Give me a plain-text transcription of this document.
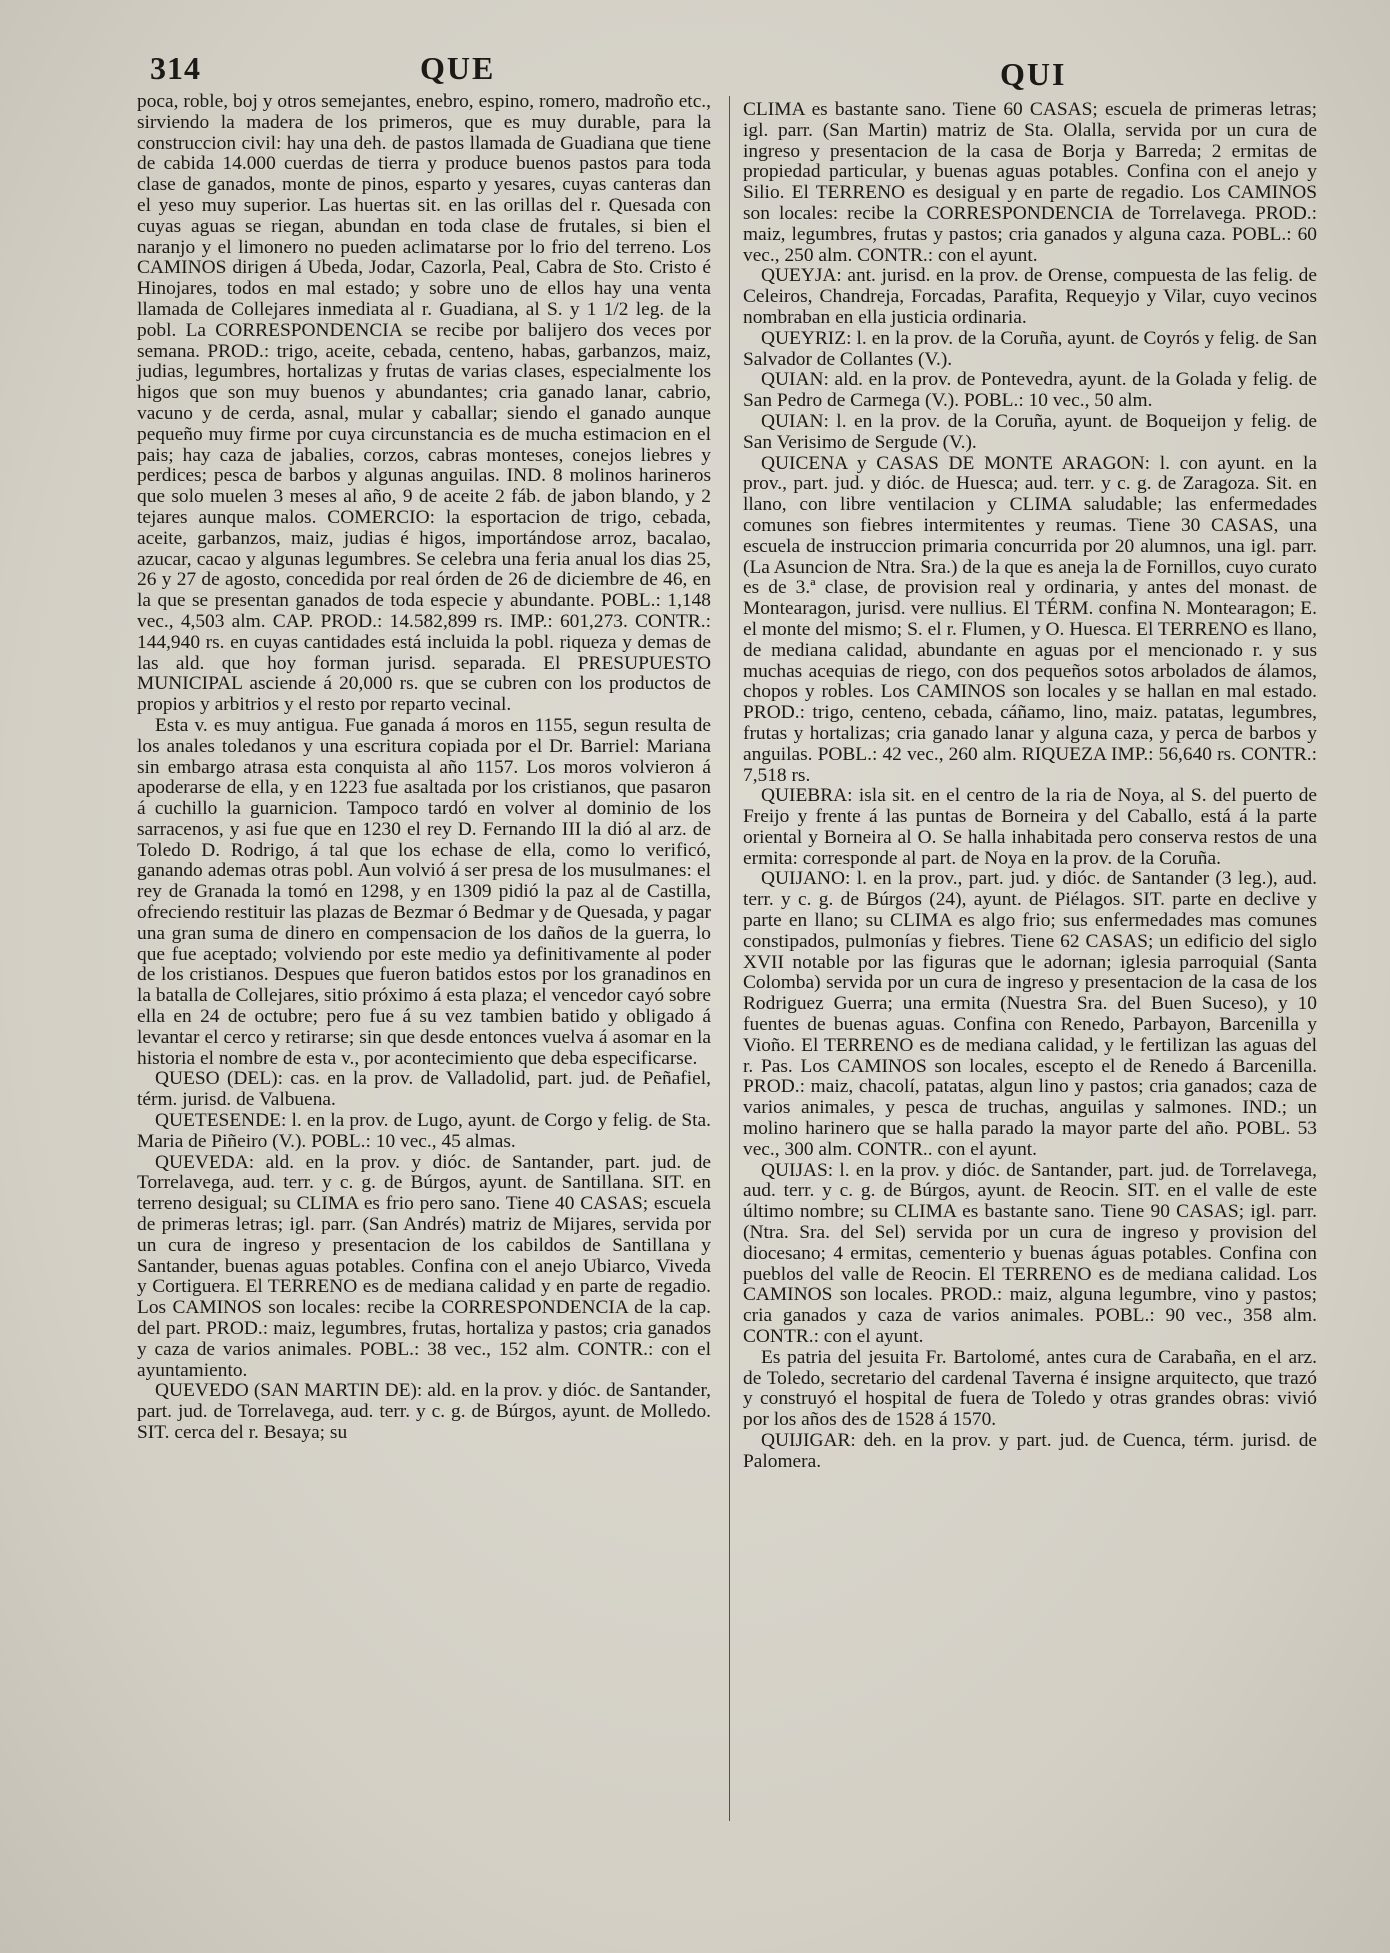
314	QUE	QUI

poca, roble, boj y otros semejantes, enebro, espino, romero, madroño etc., sirviendo la madera de los primeros, que es muy durable, para la construccion civil: hay una deh. de pastos llamada de Guadiana que tiene de cabida 14.000 cuerdas de tierra y produce buenos pastos para toda clase de ganados, monte de pinos, esparto y yesares, cuyas canteras dan el yeso muy superior. Las huertas sit. en las orillas del r. Quesada con cuyas aguas se riegan, abundan en toda clase de frutales, si bien el naranjo y el limonero no pueden aclimatarse por lo frio del terreno. Los CAMINOS dirigen á Ubeda, Jodar, Cazorla, Peal, Cabra de Sto. Cristo é Hinojares, todos en mal estado; y sobre uno de ellos hay una venta llamada de Collejares inmediata al r. Guadiana, al S. y 1 1/2 leg. de la pobl. La CORRESPONDENCIA se recibe por balijero dos veces por semana. PROD.: trigo, aceite, cebada, centeno, habas, garbanzos, maiz, judias, legumbres, hortalizas y frutas de varias clases, especialmente los higos que son muy buenos y abundantes; cria ganado lanar, cabrio, vacuno y de cerda, asnal, mular y caballar; siendo el ganado aunque pequeño muy firme por cuya circunstancia es de mucha estimacion en el pais; hay caza de jabalies, corzos, cabras monteses, conejos liebres y perdices; pesca de barbos y algunas anguilas. IND. 8 molinos harineros que solo muelen 3 meses al año, 9 de aceite 2 fáb. de jabon blando, y 2 tejares aunque malos. COMERCIO: la esportacion de trigo, cebada, aceite, garbanzos, maiz, judias é higos, importándose arroz, bacalao, azucar, cacao y algunas legumbres. Se celebra una feria anual los dias 25, 26 y 27 de agosto, concedida por real órden de 26 de diciembre de 46, en la que se presentan ganados de toda especie y abundante. POBL.: 1,148 vec., 4,503 alm. CAP. PROD.: 14.582,899 rs. IMP.: 601,273. CONTR.: 144,940 rs. en cuyas cantidades está incluida la pobl. riqueza y demas de las ald. que hoy forman jurisd. separada. El PRESUPUESTO MUNICIPAL asciende á 20,000 rs. que se cubren con los productos de propios y arbitrios y el resto por reparto vecinal.

Esta v. es muy antigua. Fue ganada á moros en 1155, segun resulta de los anales toledanos y una escritura copiada por el Dr. Barriel: Mariana sin embargo atrasa esta conquista al año 1157. Los moros volvieron á apoderarse de ella, y en 1223 fue asaltada por los cristianos, que pasaron á cuchillo la guarnicion. Tampoco tardó en volver al dominio de los sarracenos, y asi fue que en 1230 el rey D. Fernando III la dió al arz. de Toledo D. Rodrigo, á tal que los echase de ella, como lo verificó, ganando ademas otras pobl. Aun volvió á ser presa de los musulmanes: el rey de Granada la tomó en 1298, y en 1309 pidió la paz al de Castilla, ofreciendo restituir las plazas de Bezmar ó Bedmar y de Quesada, y pagar una gran suma de dinero en compensacion de los daños de la guerra, lo que fue aceptado; volviendo por este medio ya definitivamente al poder de los cristianos. Despues que fueron batidos estos por los granadinos en la batalla de Collejares, sitio próximo á esta plaza; el vencedor cayó sobre ella en 24 de octubre; pero fue á su vez tambien batido y obligado á levantar el cerco y retirarse; sin que desde entonces vuelva á asomar en la historia el nombre de esta v., por acontecimiento que deba especificarse.

QUESO (DEL): cas. en la prov. de Valladolid, part. jud. de Peñafiel, térm. jurisd. de Valbuena.

QUETESENDE: l. en la prov. de Lugo, ayunt. de Corgo y felig. de Sta. Maria de Piñeiro (V.). POBL.: 10 vec., 45 almas.

QUEVEDA: ald. en la prov. y dióc. de Santander, part. jud. de Torrelavega, aud. terr. y c. g. de Búrgos, ayunt. de Santillana. SIT. en terreno desigual; su CLIMA es frio pero sano. Tiene 40 CASAS; escuela de primeras letras; igl. parr. (San Andrés) matriz de Mijares, servida por un cura de ingreso y presentacion de los cabildos de Santillana y Santander, buenas aguas potables. Confina con el anejo Ubiarco, Viveda y Cortiguera. El TERRENO es de mediana calidad y en parte de regadio. Los CAMINOS son locales: recibe la CORRESPONDENCIA de la cap. del part. PROD.: maiz, legumbres, frutas, hortaliza y pastos; cria ganados y caza de varios animales. POBL.: 38 vec., 152 alm. CONTR.: con el ayuntamiento.

QUEVEDO (SAN MARTIN DE): ald. en la prov. y dióc. de Santander, part. jud. de Torrelavega, aud. terr. y c. g. de Búrgos, ayunt. de Molledo. SIT. cerca del r. Besaya; su

CLIMA es bastante sano. Tiene 60 CASAS; escuela de primeras letras; igl. parr. (San Martin) matriz de Sta. Olalla, servida por un cura de ingreso y presentacion de la casa de Borja y Barreda; 2 ermitas de propiedad particular, y buenas aguas potables. Confina con el anejo y Silio. El TERRENO es desigual y en parte de regadio. Los CAMINOS son locales: recibe la CORRESPONDENCIA de Torrelavega. PROD.: maiz, legumbres, frutas y pastos; cria ganados y alguna caza. POBL.: 60 vec., 250 alm. CONTR.: con el ayunt.

QUEYJA: ant. jurisd. en la prov. de Orense, compuesta de las felig. de Celeiros, Chandreja, Forcadas, Parafita, Requeyjo y Vilar, cuyo vecinos nombraban en ella justicia ordinaria.

QUEYRIZ: l. en la prov. de la Coruña, ayunt. de Coyrós y felig. de San Salvador de Collantes (V.).

QUIAN: ald. en la prov. de Pontevedra, ayunt. de la Golada y felig. de San Pedro de Carmega (V.). POBL.: 10 vec., 50 alm.

QUIAN: l. en la prov. de la Coruña, ayunt. de Boqueijon y felig. de San Verisimo de Sergude (V.).

QUICENA y CASAS DE MONTE ARAGON: l. con ayunt. en la prov., part. jud. y dióc. de Huesca; aud. terr. y c. g. de Zaragoza. Sit. en llano, con libre ventilacion y CLIMA saludable; las enfermedades comunes son fiebres intermitentes y reumas. Tiene 30 CASAS, una escuela de instruccion primaria concurrida por 20 alumnos, una igl. parr. (La Asuncion de Ntra. Sra.) de la que es aneja la de Fornillos, cuyo curato es de 3.ª clase, de provision real y ordinaria, y antes del monast. de Montearagon, jurisd. vere nullius. El TÉRM. confina N. Montearagon; E. el monte del mismo; S. el r. Flumen, y O. Huesca. El TERRENO es llano, de mediana calidad, abundante en aguas por el mencionado r. y sus muchas acequias de riego, con dos pequeños sotos arbolados de álamos, chopos y robles. Los CAMINOS son locales y se hallan en mal estado. PROD.: trigo, centeno, cebada, cáñamo, lino, maiz. patatas, legumbres, frutas y hortalizas; cria ganado lanar y alguna caza, y perca de barbos y anguilas. POBL.: 42 vec., 260 alm. RIQUEZA IMP.: 56,640 rs. CONTR.: 7,518 rs.

QUIEBRA: isla sit. en el centro de la ria de Noya, al S. del puerto de Freijo y frente á las puntas de Borneira y del Caballo, está á la parte oriental y Borneira al O. Se halla inhabitada pero conserva restos de una ermita: corresponde al part. de Noya en la prov. de la Coruña.

QUIJANO: l. en la prov., part. jud. y dióc. de Santander (3 leg.), aud. terr. y c. g. de Búrgos (24), ayunt. de Piélagos. SIT. parte en declive y parte en llano; su CLIMA es algo frio; sus enfermedades mas comunes constipados, pulmonías y fiebres. Tiene 62 CASAS; un edificio del siglo XVII notable por las figuras que le adornan; iglesia parroquial (Santa Colomba) servida por un cura de ingreso y presentacion de la casa de los Rodriguez Guerra; una ermita (Nuestra Sra. del Buen Suceso), y 10 fuentes de buenas aguas. Confina con Renedo, Parbayon, Barcenilla y Vioño. El TERRENO es de mediana calidad, y le fertilizan las aguas del r. Pas. Los CAMINOS son locales, escepto el de Renedo á Barcenilla. PROD.: maiz, chacolí, patatas, algun lino y pastos; cria ganados; caza de varios animales, y pesca de truchas, anguilas y salmones. IND.; un molino harinero que se halla parado la mayor parte del año. POBL. 53 vec., 300 alm. CONTR.. con el ayunt.

QUIJAS: l. en la prov. y dióc. de Santander, part. jud. de Torrelavega, aud. terr. y c. g. de Búrgos, ayunt. de Reocin. SIT. en el valle de este último nombre; su CLIMA es bastante sano. Tiene 90 CASAS; igl. parr. (Ntra. Sra. del Sel) servida por un cura de ingreso y provision del diocesano; 4 ermitas, cementerio y buenas águas potables. Confina con pueblos del valle de Reocin. El TERRENO es de mediana calidad. Los CAMINOS son locales. PROD.: maiz, alguna legumbre, vino y pastos; cria ganados y caza de varios animales. POBL.: 90 vec., 358 alm. CONTR.: con el ayunt.

Es patria del jesuita Fr. Bartolomé, antes cura de Carabaña, en el arz. de Toledo, secretario del cardenal Taverna é insigne arquitecto, que trazó y construyó el hospital de fuera de Toledo y otras grandes obras: vivió por los años des de 1528 á 1570.

QUIJIGAR: deh. en la prov. y part. jud. de Cuenca, térm. jurisd. de Palomera.
